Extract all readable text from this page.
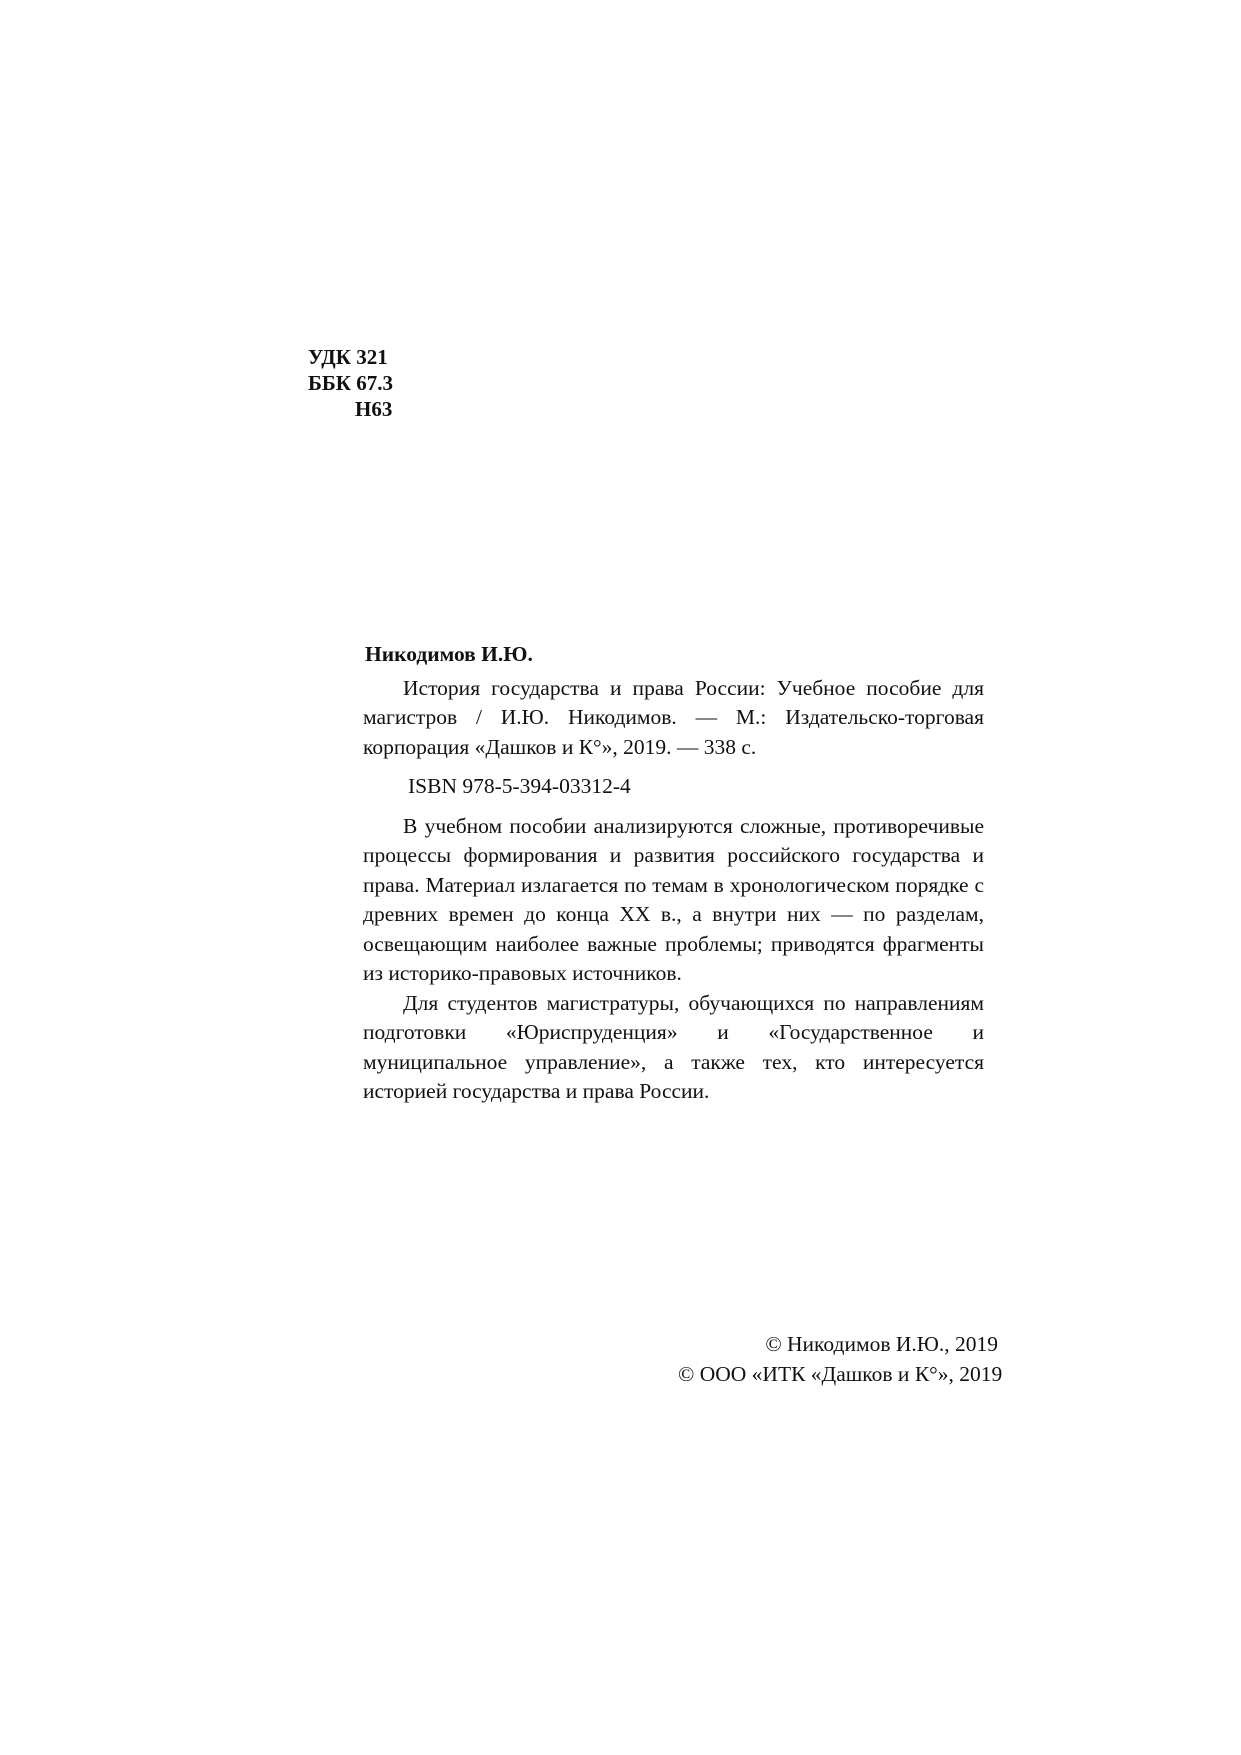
УДК 321
ББК 67.3
Н63
Никодимов И.Ю.

История государства и права России: Учебное пособие для магистров / И.Ю. Никодимов. — М.: Издательско-торговая корпорация «Дашков и К°», 2019. — 338 с.

ISBN 978-5-394-03312-4

В учебном пособии анализируются сложные, противоречивые процессы формирования и развития российского государства и права. Материал излагается по темам в хронологическом порядке с древних времен до конца XX в., а внутри них — по разделам, освещающим наиболее важные проблемы; приводятся фрагменты из историко-правовых источников.

Для студентов магистратуры, обучающихся по направлениям подготовки «Юриспруденция» и «Государственное и муниципальное управление», а также тех, кто интересуется историей государства и права России.

© Никодимов И.Ю., 2019
© ООО «ИТК «Дашков и К°», 2019
